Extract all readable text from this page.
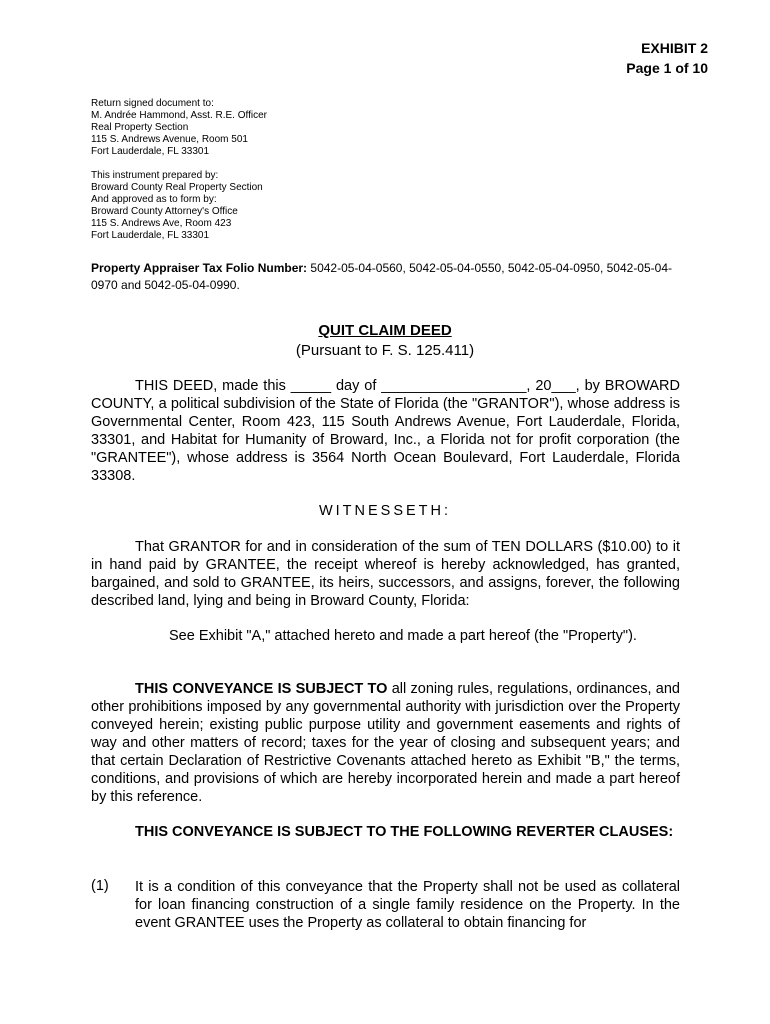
EXHIBIT 2
Page 1 of 10
Return signed document to:
M. Andrée Hammond, Asst. R.E. Officer
Real Property Section
115 S. Andrews Avenue, Room 501
Fort Lauderdale, FL 33301
This instrument prepared by:
Broward County Real Property Section
And approved as to form by:
Broward County Attorney's Office
115 S. Andrews Ave, Room 423
Fort Lauderdale, FL 33301
Property Appraiser Tax Folio Number: 5042-05-04-0560, 5042-05-04-0550, 5042-05-04-0950, 5042-05-04-0970 and 5042-05-04-0990.
QUIT CLAIM DEED
(Pursuant to F. S. 125.411)
THIS DEED, made this _____ day of __________________, 20___, by BROWARD COUNTY, a political subdivision of the State of Florida (the "GRANTOR"), whose address is Governmental Center, Room 423, 115 South Andrews Avenue, Fort Lauderdale, Florida, 33301, and Habitat for Humanity of Broward, Inc., a Florida not for profit corporation (the "GRANTEE"), whose address is 3564 North Ocean Boulevard, Fort Lauderdale, Florida 33308.
WITNESSETH:
That GRANTOR for and in consideration of the sum of TEN DOLLARS ($10.00) to it in hand paid by GRANTEE, the receipt whereof is hereby acknowledged, has granted, bargained, and sold to GRANTEE, its heirs, successors, and assigns, forever, the following described land, lying and being in Broward County, Florida:
See Exhibit "A," attached hereto and made a part hereof (the "Property").
THIS CONVEYANCE IS SUBJECT TO all zoning rules, regulations, ordinances, and other prohibitions imposed by any governmental authority with jurisdiction over the Property conveyed herein; existing public purpose utility and government easements and rights of way and other matters of record; taxes for the year of closing and subsequent years; and that certain Declaration of Restrictive Covenants attached hereto as Exhibit "B," the terms, conditions, and provisions of which are hereby incorporated herein and made a part hereof by this reference.
THIS CONVEYANCE IS SUBJECT TO THE FOLLOWING REVERTER CLAUSES:
(1) It is a condition of this conveyance that the Property shall not be used as collateral for loan financing construction of a single family residence on the Property. In the event GRANTEE uses the Property as collateral to obtain financing for
